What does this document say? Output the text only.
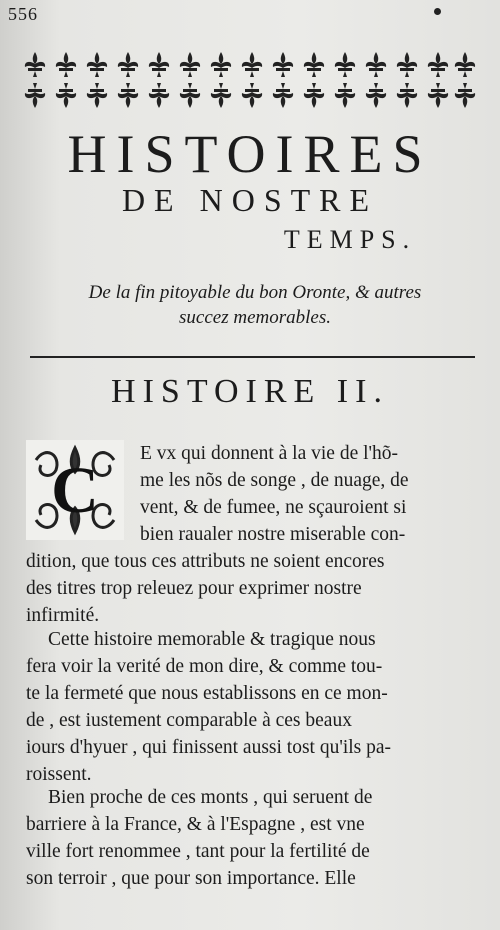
556
HISTOIRES
DE NOSTRE
TEMPS.
De la fin pitoyable du bon Oronte, & autres
succez memorables.
HISTOIRE II.
C
E vx qui donnent à la vie de l'hõ-
me les nõs de songe , de nuage, de
vent, & de fumee, ne sçauroient si
bien raualer nostre miserable con-
dition, que tous ces attributs ne soient encores
des titres trop releuez pour exprimer nostre
infirmité.
Cette histoire memorable & tragique nous
fera voir la verité de mon dire, & comme tou-
te la fermeté que nous establissons en ce mon-
de , est iustement comparable à ces beaux
iours d'hyuer , qui finissent aussi tost qu'ils pa-
roissent.
Bien proche de ces monts , qui seruent de
barriere à la France, & à l'Espagne , est vne
ville fort renommee , tant pour la fertilité de
son terroir , que pour son importance. Elle
